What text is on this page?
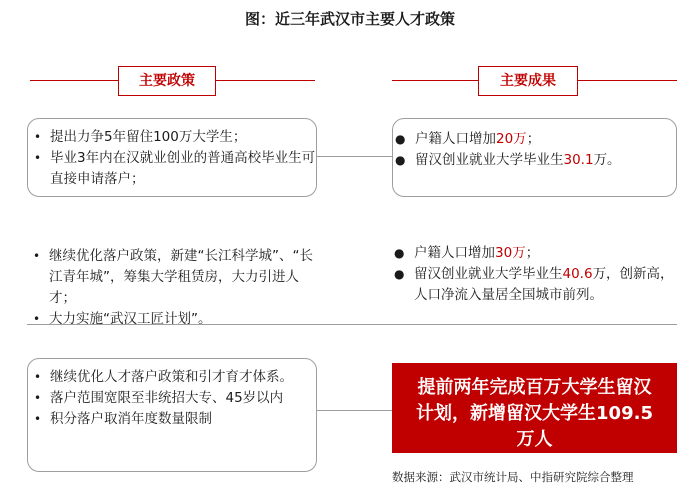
图：近三年武汉市主要人才政策
主要政策	主要成果
• 提出力争5年留住100万大学生；
• 毕业3年内在汉就业创业的普通高校毕业生可直接申请落户；
● 户籍人口增加20万；
● 留汉创业就业大学毕业生30.1万。
• 继续优化落户政策，新建“长江科学城”、“长江青年城”，筹集大学租赁房，大力引进人才；
• 大力实施“武汉工匠计划”。
● 户籍人口增加30万；
● 留汉创业就业大学毕业生40.6万，创新高，人口净流入量居全国城市前列。
• 继续优化人才落户政策和引才育才体系。
• 落户范围宽限至非统招大专、45岁以内
• 积分落户取消年度数量限制
提前两年完成百万大学生留汉计划，新增留汉大学生109.5万人
数据来源：武汉市统计局、中指研究院综合整理
